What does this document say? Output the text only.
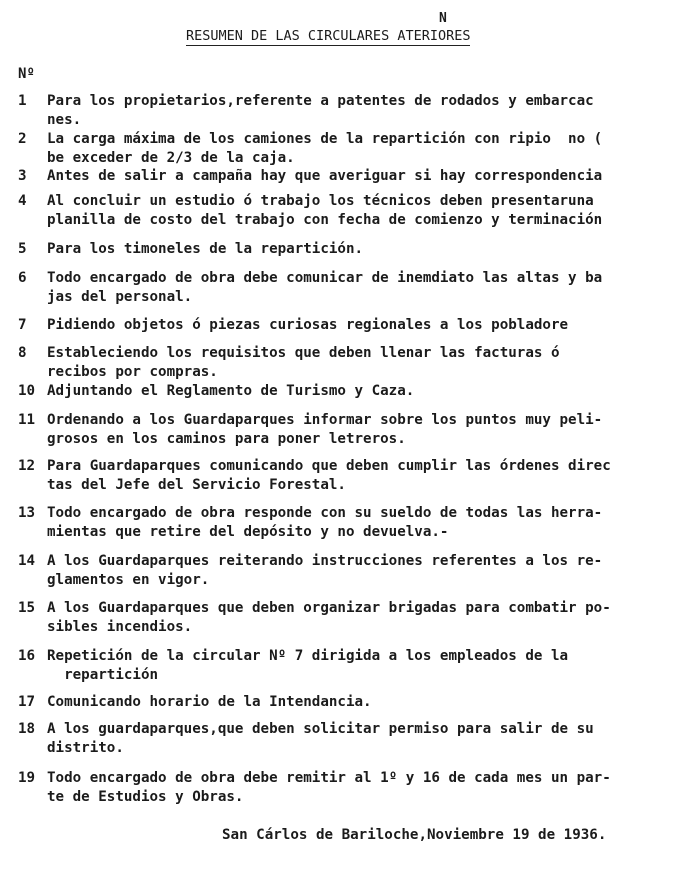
N
RESUMEN DE LAS CIRCULARES ATERIORES
Nº
1	Para los propietarios,referente a patentes de rodados y embarcac
nes.
2	La carga máxima de los camiones de la repartición con ripio  no (
be exceder de 2/3 de la caja.
3	Antes de salir a campaña hay que averiguar si hay correspondencia
4	Al concluir un estudio ó trabajo los técnicos deben presentaruna
planilla de costo del trabajo con fecha de comienzo y terminación
5	Para los timoneles de la repartición.
6	Todo encargado de obra debe comunicar de inemdiato las altas y ba
jas del personal.
7	Pidiendo objetos ó piezas curiosas regionales a los pobladore
8	Estableciendo los requisitos que deben llenar las facturas ó
recibos por compras.
10 Adjuntando el Reglamento de Turismo y Caza.
11 Ordenando a los Guardaparques informar sobre los puntos muy peli-
grosos en los caminos para poner letreros.
12 Para Guardaparques comunicando que deben cumplir las órdenes direc
tas del Jefe del Servicio Forestal.
13 Todo encargado de obra responde con su sueldo de todas las herra-
mientas que retire del depósito y no devuelva.-
14 A los Guardaparques reiterando instrucciones referentes a los re-
glamentos en vigor.
15 A los Guardaparques que deben organizar brigadas para combatir po-
sibles incendios.
16 Repetición de la circular Nº 7 dirigida a los empleados de la
repartición
17 Comunicando horario de la Intendancia.
18 A los guardaparques,que deben solicitar permiso para salir de su
distrito.
19 Todo encargado de obra debe remitir al 1º y 16 de cada mes un par-
te de Estudios y Obras.
San Cárlos de Bariloche,Noviembre 19 de 1936.
